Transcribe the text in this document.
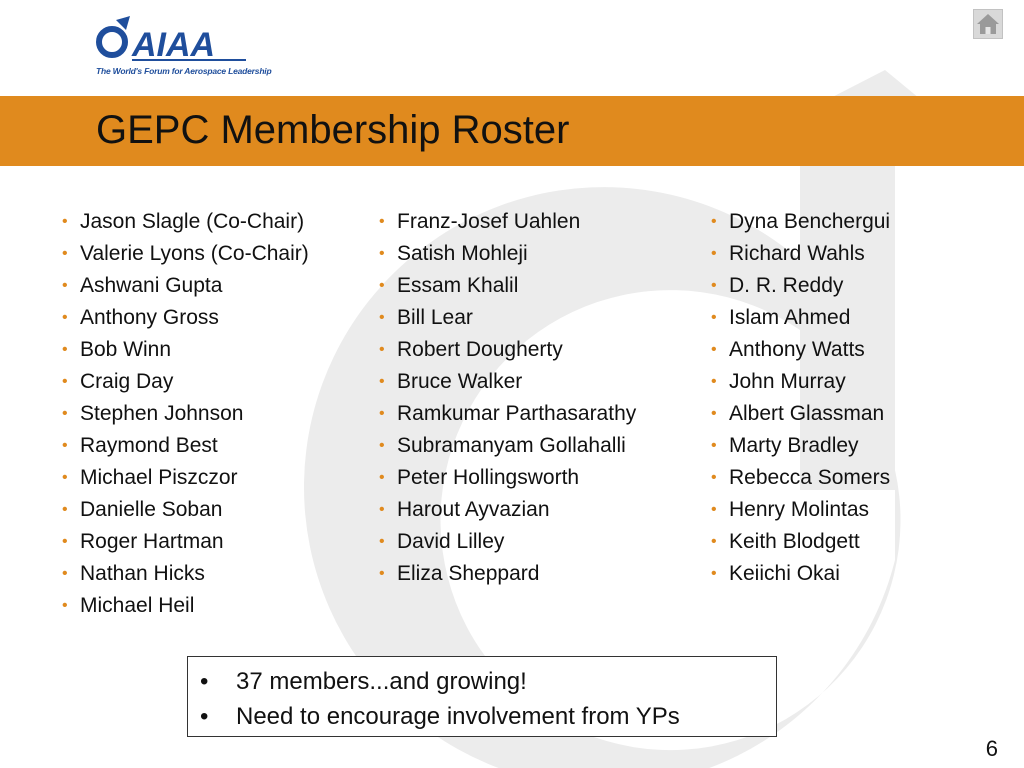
AIAA
The World's Forum for Aerospace Leadership
GEPC Membership Roster
• Jason Slagle (Co-Chair)
• Valerie Lyons (Co-Chair)
• Ashwani Gupta
• Anthony Gross
• Bob Winn
• Craig Day
• Stephen Johnson
• Raymond Best
• Michael Piszczor
• Danielle Soban
• Roger Hartman
• Nathan Hicks
• Michael Heil
• Franz-Josef Uahlen
• Satish Mohleji
• Essam Khalil
• Bill Lear
• Robert Dougherty
• Bruce Walker
• Ramkumar Parthasarathy
• Subramanyam Gollahalli
• Peter Hollingsworth
• Harout Ayvazian
• David Lilley
• Eliza Sheppard
• Dyna Benchergui
• Richard Wahls
• D. R. Reddy
• Islam Ahmed
• Anthony Watts
• John Murray
• Albert Glassman
• Marty Bradley
• Rebecca Somers
• Henry Molintas
• Keith Blodgett
• Keiichi Okai
• 37 members...and growing!
• Need to encourage involvement from YPs
6
